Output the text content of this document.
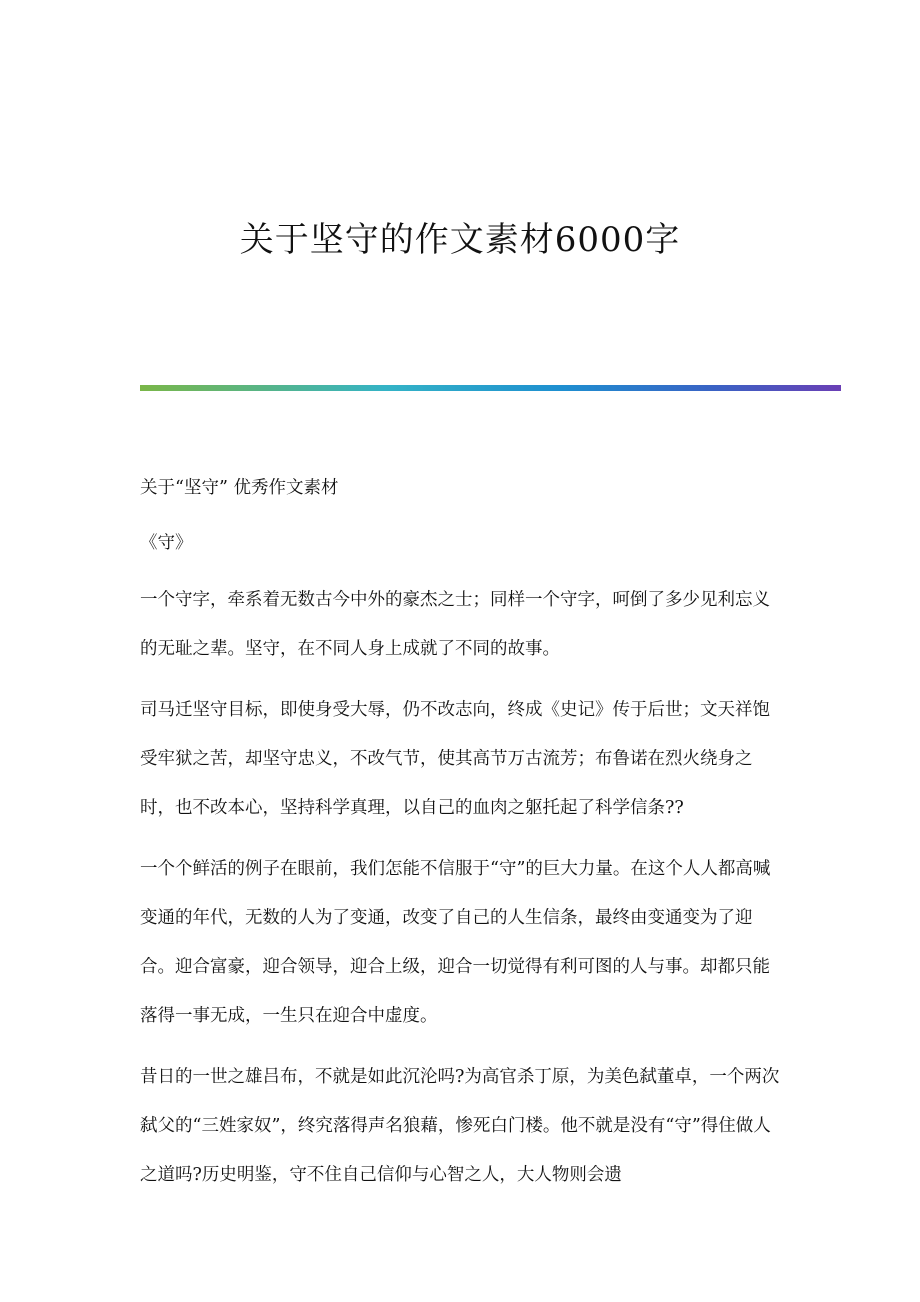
关于坚守的作文素材6000字

关于“坚守” 优秀作文素材

《守》

一个守字，牵系着无数古今中外的豪杰之士；同样一个守字，呵倒了多少见利忘义的无耻之辈。坚守，在不同人身上成就了不同的故事。

司马迁坚守目标，即使身受大辱，仍不改志向，终成《史记》传于后世；文天祥饱受牢狱之苦，却坚守忠义，不改气节，使其高节万古流芳；布鲁诺在烈火绕身之时，也不改本心，坚持科学真理，以自己的血肉之躯托起了科学信条??

一个个鲜活的例子在眼前，我们怎能不信服于“守”的巨大力量。在这个人人都高喊变通的年代，无数的人为了变通，改变了自己的人生信条，最终由变通变为了迎合。迎合富豪，迎合领导，迎合上级，迎合一切觉得有利可图的人与事。却都只能落得一事无成，一生只在迎合中虚度。

昔日的一世之雄吕布，不就是如此沉沦吗?为高官杀丁原，为美色弑董卓，一个两次弑父的“三姓家奴”，终究落得声名狼藉，惨死白门楼。他不就是没有“守”得住做人之道吗?历史明鉴，守不住自己信仰与心智之人，大人物则会遗
